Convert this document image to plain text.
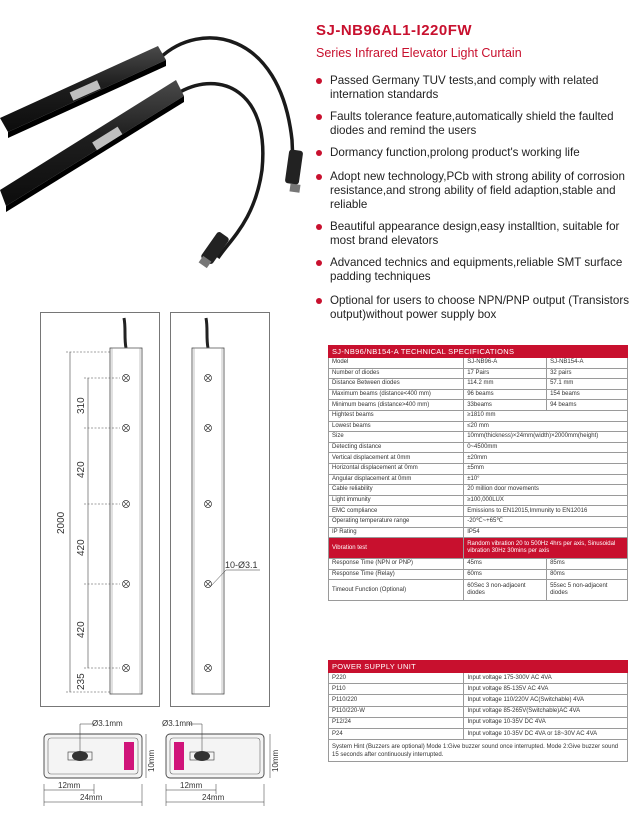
SJ-NB96AL1-I220FW
Series Infrared Elevator Light Curtain
Passed Germany TUV tests,and comply with related internation standards
Faults tolerance feature,automatically shield the faulted diodes and remind the users
Dormancy function,prolong product's working life
Adopt new technology,PCb with strong ability of corrosion resistance,and strong ability of field adaption,stable and reliable
Beautiful appearance design,easy installtion, suitable for most brand elevators
Advanced technics and equipments,reliable SMT surface padding techniques
Optional for users to choose NPN/PNP output (Transistors output)without power supply box
2000
310
420
420
420
235
10-Ø3.1
10mm
Ø3.1mm
12mm
24mm
10mm
Ø3.1mm
12mm
24mm
SJ-NB96/NB154-A TECHNICAL SPECIFICATIONS		
Model	SJ-NB96-A	SJ-NB154-A
Number of diodes	17 Pairs	32 pairs
Distance Between diodes	114.2 mm	57.1 mm
Maximum beams (distance<400 mm)	96 beams	154 beams
Minimum beams (distance>400 mm)	33beams	94 beams
Hightest beams	≥1810 mm	
Lowest beams	≤20 mm	
Size	10mm(thickness)×24mm(width)×2000mm(height)	
Detecting distance	0~4500mm	
Vertical displacement at 0mm	±20mm	
Horizontal displacement at 0mm	±5mm	
Angular displacement at 0mm	±10°	
Cable reliability	20 million door movements	
Light immunity	≥100,000LUX	
EMC compliance	Emissions to EN12015,Immunity to EN12016	
Operating temperature range	-20℃~+65℃	
IP Rating	IP54	
Vibration test	Random vibration 20 to 500Hz 4hrs per axis, Sinusoidal vibration 30Hz 30mins per axis	
Response Time (NPN or PNP)	45ms	85ms
Response Time (Relay)	60ms	80ms
Timeout Function (Optional)	60Sec 3 non-adjacent diodes	55sec 5 non-adjacent diodes
POWER SUPPLY UNIT	
P220	Input voltage 175-300V AC 4VA
P110	Input voltage 85-135V AC 4VA
P110/220	Input voltage 110/220V AC(Switchable) 4VA
P110/220-W	Input voltage 85-265V(Switchable)AC 4VA
P12/24	Input voltage 10-35V DC 4VA
P24	Input voltage 10-35V DC 4VA or 18~30V AC 4VA
System Hint (Buzzers are optional) Mode 1:Give buzzer sound once interrupted. Mode 2:Give buzzer sound 15 seconds after continuously interrupted.	
